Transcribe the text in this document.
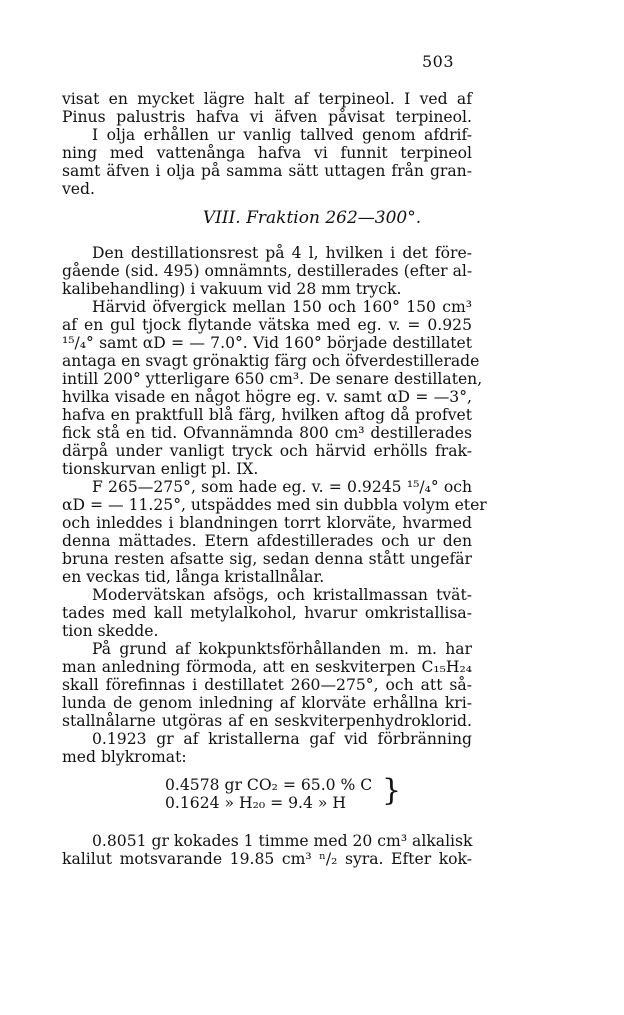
503
visat en mycket lägre halt af terpineol. I ved af
Pinus palustris hafva vi äfven påvisat terpineol.
I olja erhållen ur vanlig tallved genom afdrif-
ning med vattenånga hafva vi funnit terpineol
samt äfven i olja på samma sätt uttagen från gran-
ved.
VIII. Fraktion 262—300°.
Den destillationsrest på 4 l, hvilken i det före-
gående (sid. 495) omnämnts, destillerades (efter al-
kalibehandling) i vakuum vid 28 mm tryck.
Härvid öfvergick mellan 150 och 160° 150 cm³
af en gul tjock flytande vätska med eg. v. = 0.925
¹⁵/₄° samt αD = — 7.0°. Vid 160° började destillatet
antaga en svagt grönaktig färg och öfverdestillerade
intill 200° ytterligare 650 cm³. De senare destillaten,
hvilka visade en något högre eg. v. samt αD = —3°,
hafva en praktfull blå färg, hvilken aftog då profvet
fick stå en tid. Ofvannämnda 800 cm³ destillerades
därpå under vanligt tryck och härvid erhölls frak-
tionskurvan enligt pl. IX.
F 265—275°, som hade eg. v. = 0.9245 ¹⁵/₄° och
αD = — 11.25°, utspäddes med sin dubbla volym eter
och inleddes i blandningen torrt klorväte, hvarmed
denna mättades. Etern afdestillerades och ur den
bruna resten afsatte sig, sedan denna stått ungefär
en veckas tid, långa kristallnålar.
Modervätskan afsögs, och kristallmassan tvät-
tades med kall metylalkohol, hvarur omkristallisa-
tion skedde.
På grund af kokpunktsförhållanden m. m. har
man anledning förmoda, att en seskviterpen C₁₅H₂₄
skall förefinnas i destillatet 260—275°, och att så-
lunda de genom inledning af klorväte erhållna kri-
stallnålarne utgöras af en seskviterpenhydroklorid.
0.1923 gr af kristallerna gaf vid förbränning
med blykromat:
0.4578 gr CO₂ = 65.0 % C
0.1624 » H₂₀ = 9.4 » H }
0.8051 gr kokades 1 timme med 20 cm³ alkalisk
kalilut motsvarande 19.85 cm³ ⁿ/₂ syra. Efter kok-
